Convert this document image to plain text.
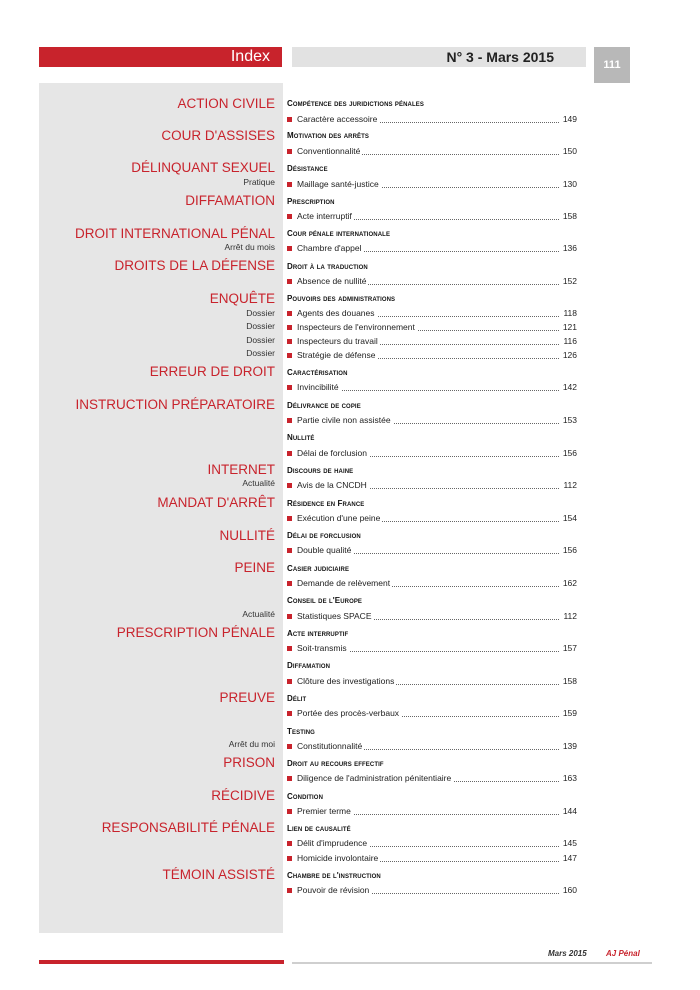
Index	N° 3 - Mars 2015	111
ACTION CIVILE
COUR D'ASSISES
DÉLINQUANT SEXUEL
Pratique
DIFFAMATION
DROIT INTERNATIONAL PÉNAL
Arrêt du mois
DROITS DE LA DÉFENSE
ENQUÊTE
Dossier
Dossier
Dossier
Dossier
ERREUR DE DROIT
INSTRUCTION PRÉPARATOIRE
INTERNET
Actualité
MANDAT D'ARRÊT
NULLITÉ
PEINE
Actualité
PRESCRIPTION PÉNALE
PREUVE
Arrêt du moi
PRISON
RÉCIDIVE
RESPONSABILITÉ PÉNALE
TÉMOIN ASSISTÉ
Compétence des juridictions pénales
Caractère accessoire	149
Motivation des arrêts
Conventionnalité	150
Désistance
Maillage santé-justice	130
Prescription
Acte interruptif	158
Cour pénale internationale
Chambre d'appel	136
Droit à la traduction
Absence de nullité	152
Pouvoirs des administrations
Agents des douanes	118
Inspecteurs de l'environnement	121
Inspecteurs du travail	116
Stratégie de défense	126
Caractérisation
Invincibilité	142
Délivrance de copie
Partie civile non assistée	153
Nullité
Délai de forclusion	156
Discours de haine
Avis de la CNCDH	112
Résidence en France
Exécution d'une peine	154
Délai de forclusion
Double qualité	156
Casier judiciaire
Demande de relèvement	162
Conseil de l'Europe
Statistiques SPACE	112
Acte interruptif
Soit-transmis	157
Diffamation
Clôture des investigations	158
Délit
Portée des procès-verbaux	159
Testing
Constitutionnalité	139
Droit au recours effectif
Diligence de l'administration pénitentiaire	163
Condition
Premier terme	144
Lien de causalité
Délit d'imprudence	145
Homicide involontaire	147
Chambre de l'instruction
Pouvoir de révision	160
Mars 2015 AJ Pénal
